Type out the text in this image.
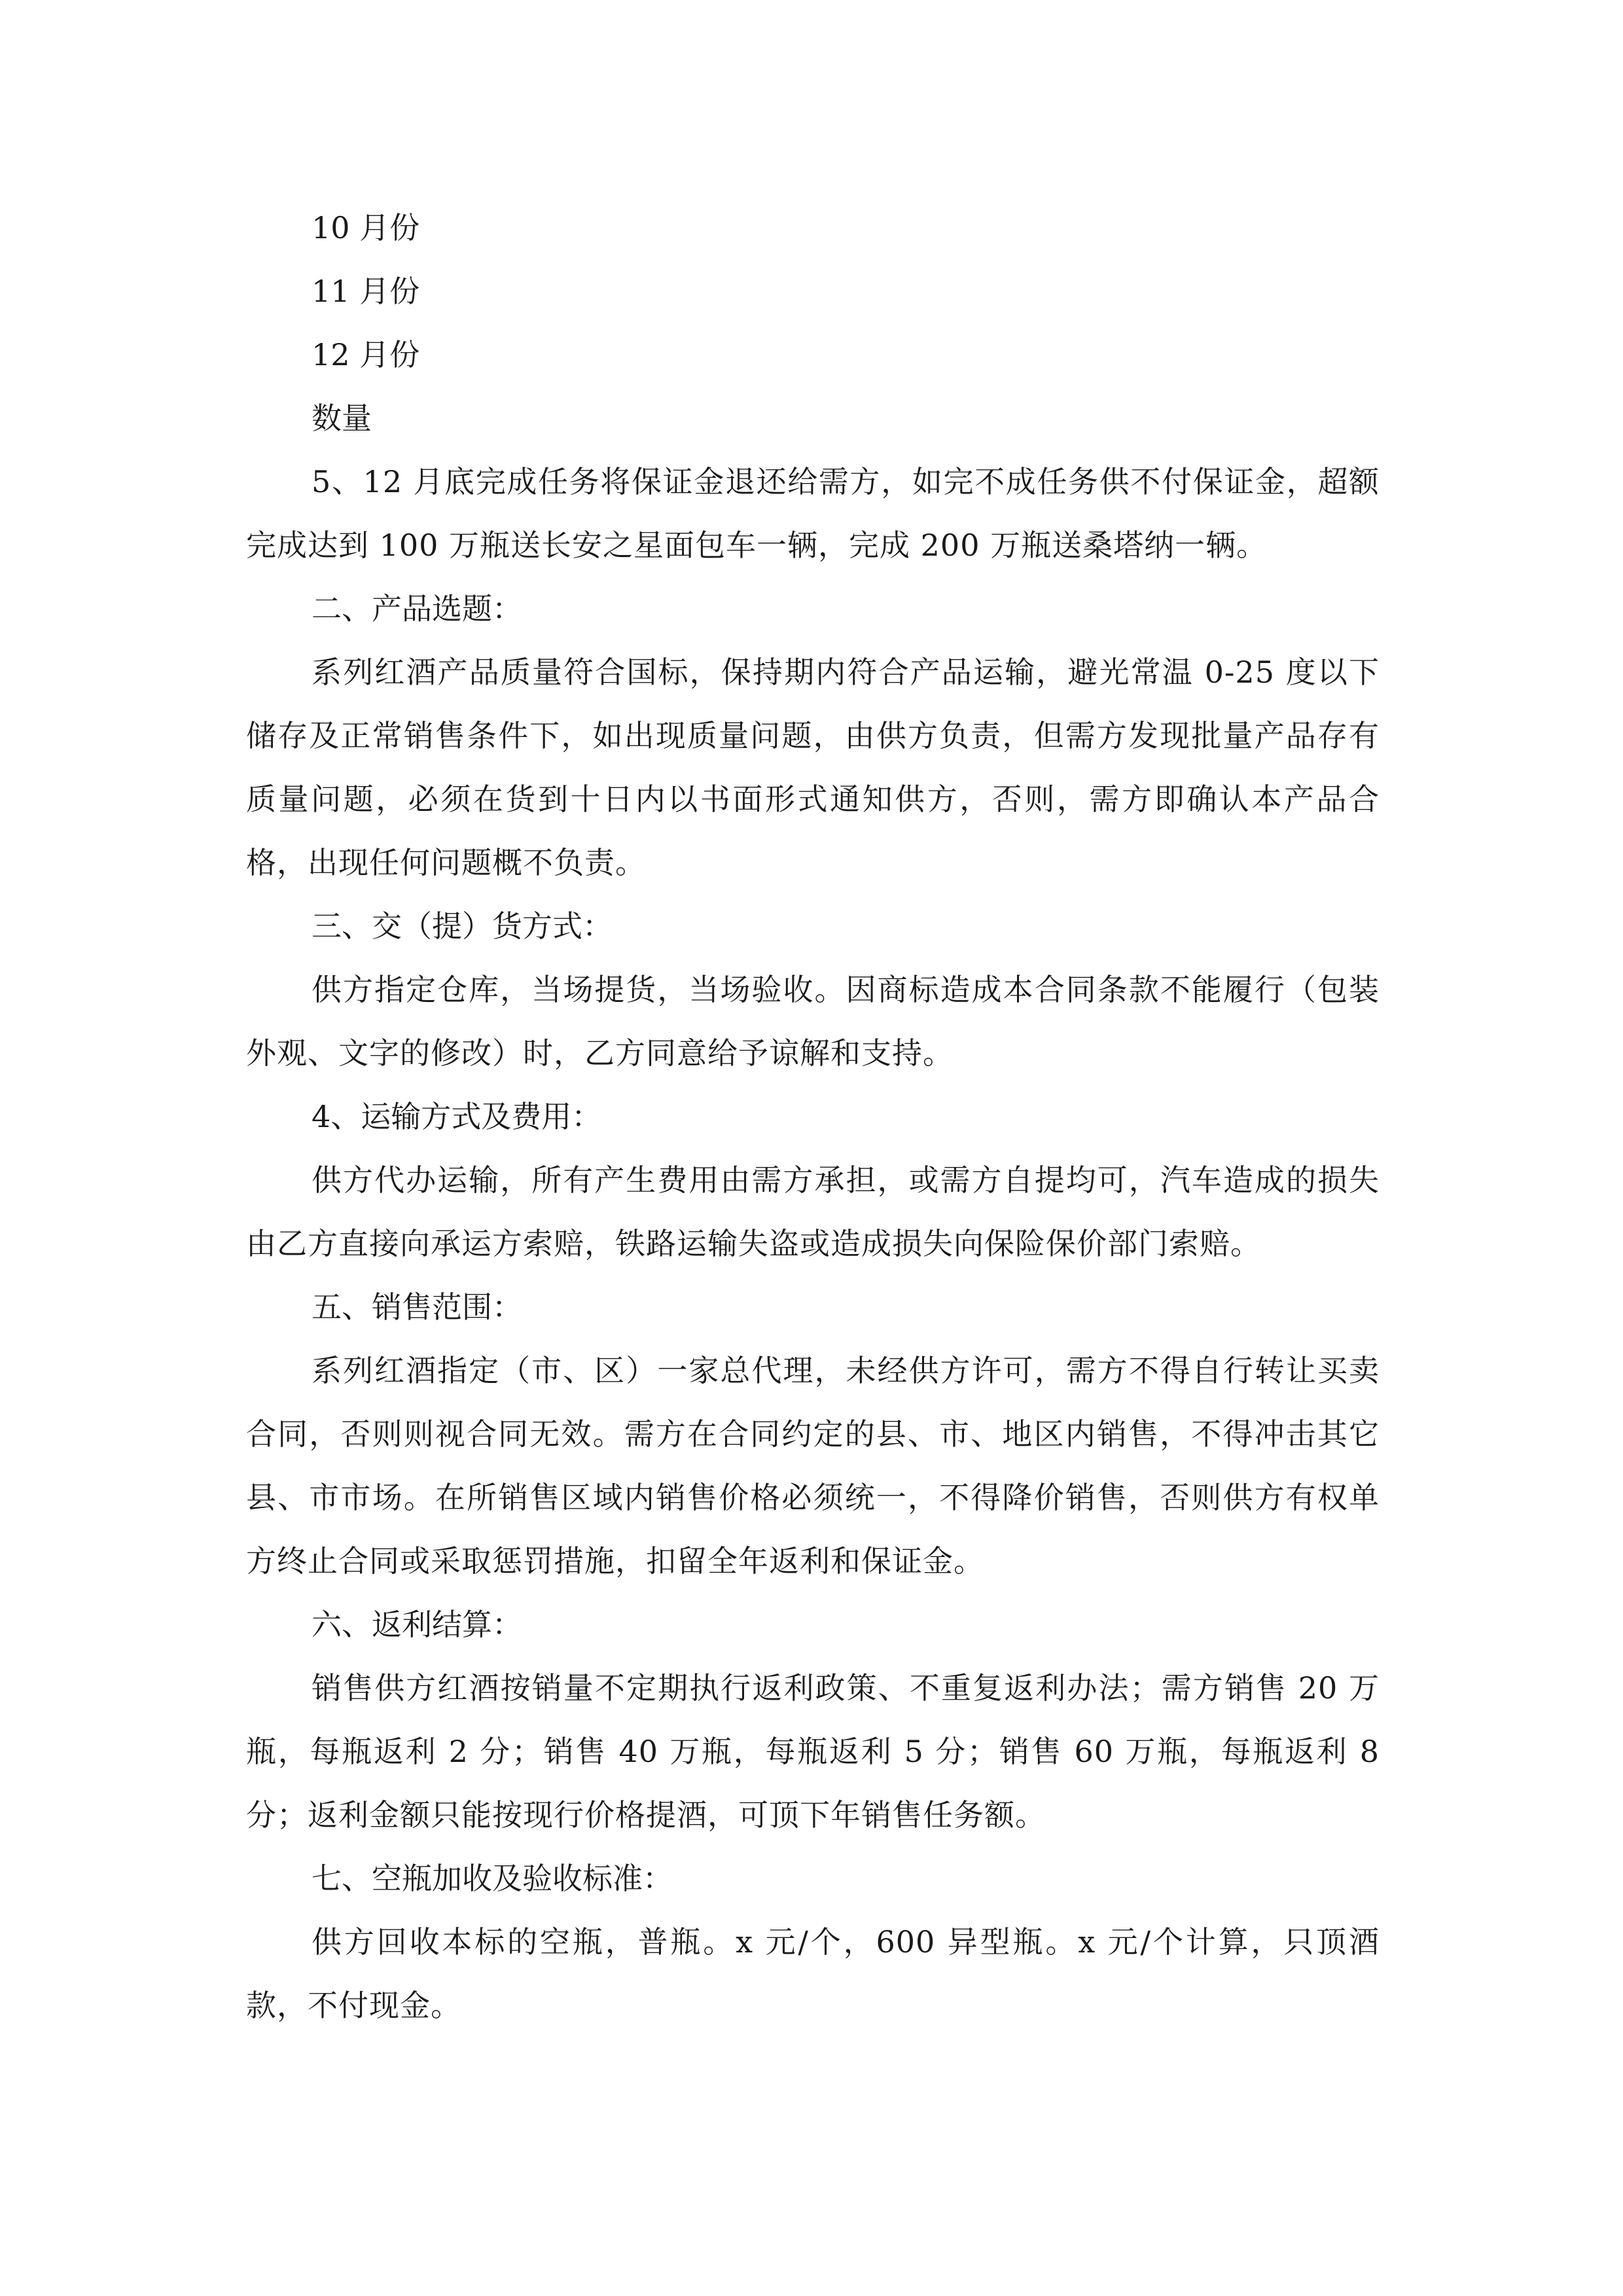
10 月份

11 月份

12 月份

数量

5、12 月底完成任务将保证金退还给需方，如完不成任务供不付保证金，超额完成达到 100 万瓶送长安之星面包车一辆，完成 200 万瓶送桑塔纳一辆。

二、产品选题：

系列红酒产品质量符合国标，保持期内符合产品运输，避光常温 0-25 度以下储存及正常销售条件下，如出现质量问题，由供方负责，但需方发现批量产品存有质量问题，必须在货到十日内以书面形式通知供方，否则，需方即确认本产品合格，出现任何问题概不负责。

三、交（提）货方式：

供方指定仓库，当场提货，当场验收。因商标造成本合同条款不能履行（包装外观、文字的修改）时，乙方同意给予谅解和支持。

4、运输方式及费用：

供方代办运输，所有产生费用由需方承担，或需方自提均可，汽车造成的损失由乙方直接向承运方索赔，铁路运输失盗或造成损失向保险保价部门索赔。

五、销售范围：

系列红酒指定（市、区）一家总代理，未经供方许可，需方不得自行转让买卖合同，否则则视合同无效。需方在合同约定的县、市、地区内销售，不得冲击其它县、市市场。在所销售区域内销售价格必须统一，不得降价销售，否则供方有权单方终止合同或采取惩罚措施，扣留全年返利和保证金。

六、返利结算：

销售供方红酒按销量不定期执行返利政策、不重复返利办法；需方销售 20 万瓶，每瓶返利 2 分；销售 40 万瓶，每瓶返利 5 分；销售 60 万瓶，每瓶返利 8 分；返利金额只能按现行价格提酒，可顶下年销售任务额。

七、空瓶加收及验收标准：

供方回收本标的空瓶，普瓶。x 元/个，600 异型瓶。x 元/个计算，只顶酒款，不付现金。
